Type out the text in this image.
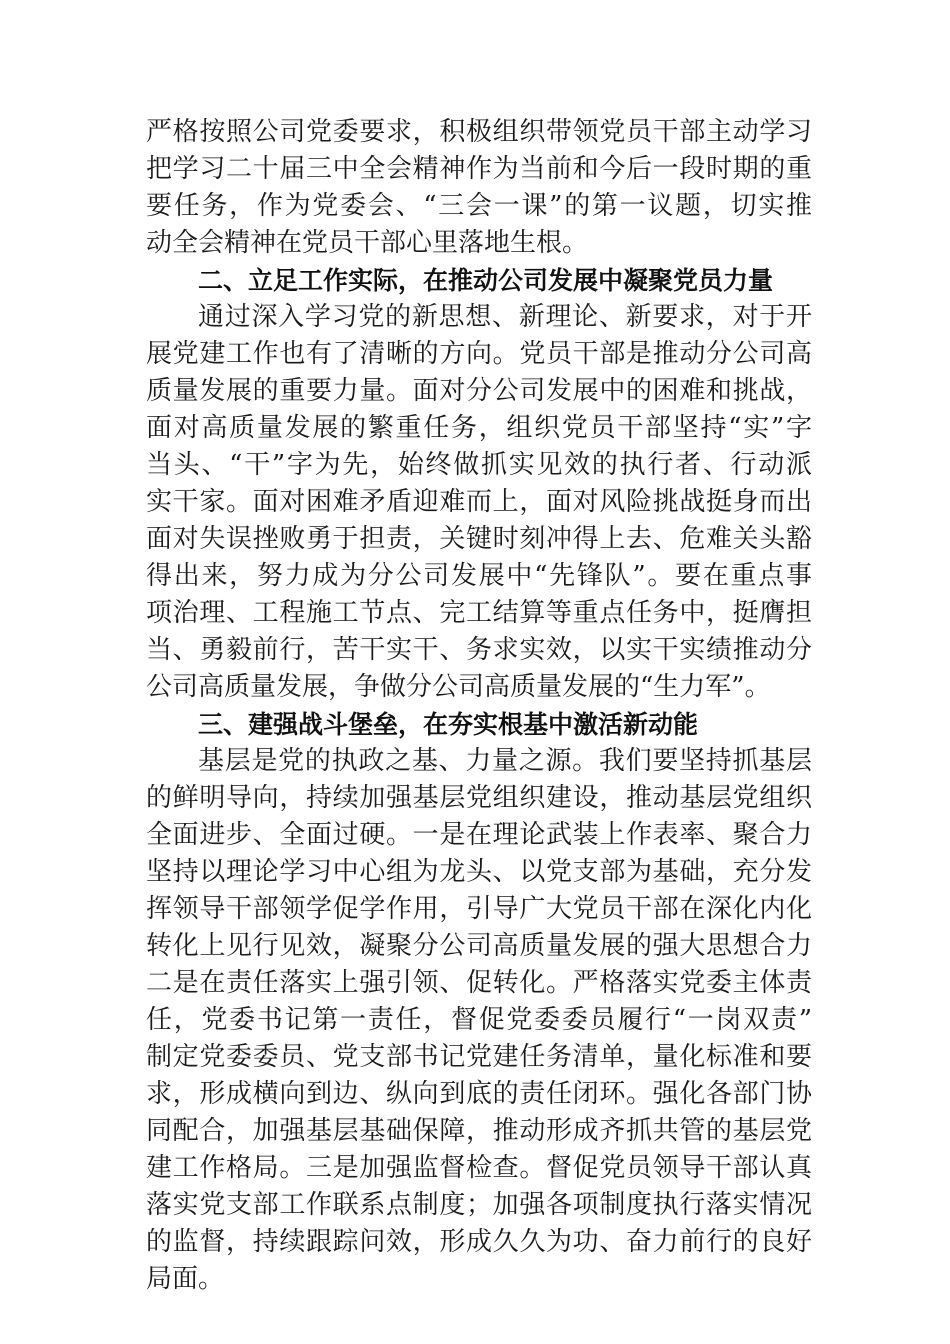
严格按照公司党委要求，积极组织带领党员干部主动学习

把学习二十届三中全会精神作为当前和今后一段时期的重

要任务，作为党委会、“三会一课”的第一议题，切实推

动全会精神在党员干部心里落地生根。

二、立足工作实际，在推动公司发展中凝聚党员力量

通过深入学习党的新思想、新理论、新要求，对于开

展党建工作也有了清晰的方向。党员干部是推动分公司高

质量发展的重要力量。面对分公司发展中的困难和挑战，

面对高质量发展的繁重任务，组织党员干部坚持“实”字

当头、“干”字为先，始终做抓实见效的执行者、行动派

实干家。面对困难矛盾迎难而上，面对风险挑战挺身而出

面对失误挫败勇于担责，关键时刻冲得上去、危难关头豁

得出来，努力成为分公司发展中“先锋队”。要在重点事

项治理、工程施工节点、完工结算等重点任务中，挺膺担

当、勇毅前行，苦干实干、务求实效，以实干实绩推动分

公司高质量发展，争做分公司高质量发展的“生力军”。

三、建强战斗堡垒，在夯实根基中激活新动能

基层是党的执政之基、力量之源。我们要坚持抓基层

的鲜明导向，持续加强基层党组织建设，推动基层党组织

全面进步、全面过硬。一是在理论武装上作表率、聚合力

坚持以理论学习中心组为龙头、以党支部为基础，充分发

挥领导干部领学促学作用，引导广大党员干部在深化内化

转化上见行见效，凝聚分公司高质量发展的强大思想合力

二是在责任落实上强引领、促转化。严格落实党委主体责

任，党委书记第一责任，督促党委委员履行“一岗双责”

制定党委委员、党支部书记党建任务清单，量化标准和要

求，形成横向到边、纵向到底的责任闭环。强化各部门协

同配合，加强基层基础保障，推动形成齐抓共管的基层党

建工作格局。三是加强监督检查。督促党员领导干部认真

落实党支部工作联系点制度；加强各项制度执行落实情况

的监督，持续跟踪问效，形成久久为功、奋力前行的良好

局面。
